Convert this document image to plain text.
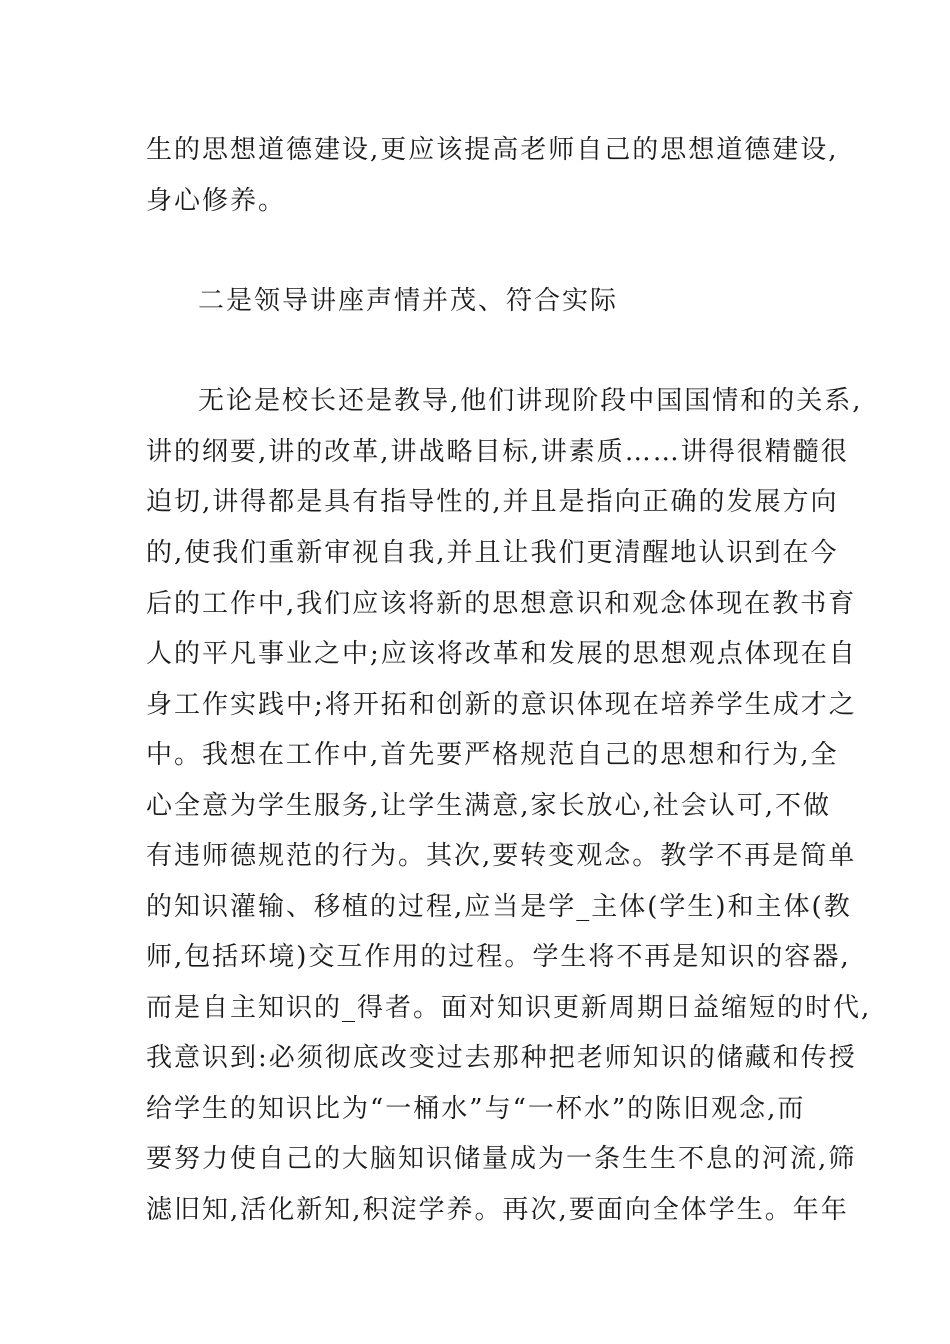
生的思想道德建设,更应该提高老师自己的思想道德建设,
身心修养。
二是领导讲座声情并茂、符合实际
无论是校长还是教导,他们讲现阶段中国国情和的关系,
讲的纲要,讲的改革,讲战略目标,讲素质……讲得很精髓很
迫切,讲得都是具有指导性的,并且是指向正确的发展方向
的,使我们重新审视自我,并且让我们更清醒地认识到在今
后的工作中,我们应该将新的思想意识和观念体现在教书育
人的平凡事业之中;应该将改革和发展的思想观点体现在自
身工作实践中;将开拓和创新的意识体现在培养学生成才之
中。我想在工作中,首先要严格规范自己的思想和行为,全
心全意为学生服务,让学生满意,家长放心,社会认可,不做
有违师德规范的行为。其次,要转变观念。教学不再是简单
的知识灌输、移植的过程,应当是学_主体(学生)和主体(教
师,包括环境)交互作用的过程。学生将不再是知识的容器,
而是自主知识的_得者。面对知识更新周期日益缩短的时代,
我意识到:必须彻底改变过去那种把老师知识的储藏和传授
给学生的知识比为“一桶水”与“一杯水”的陈旧观念,而
要努力使自己的大脑知识储量成为一条生生不息的河流,筛
滤旧知,活化新知,积淀学养。再次,要面向全体学生。年年
